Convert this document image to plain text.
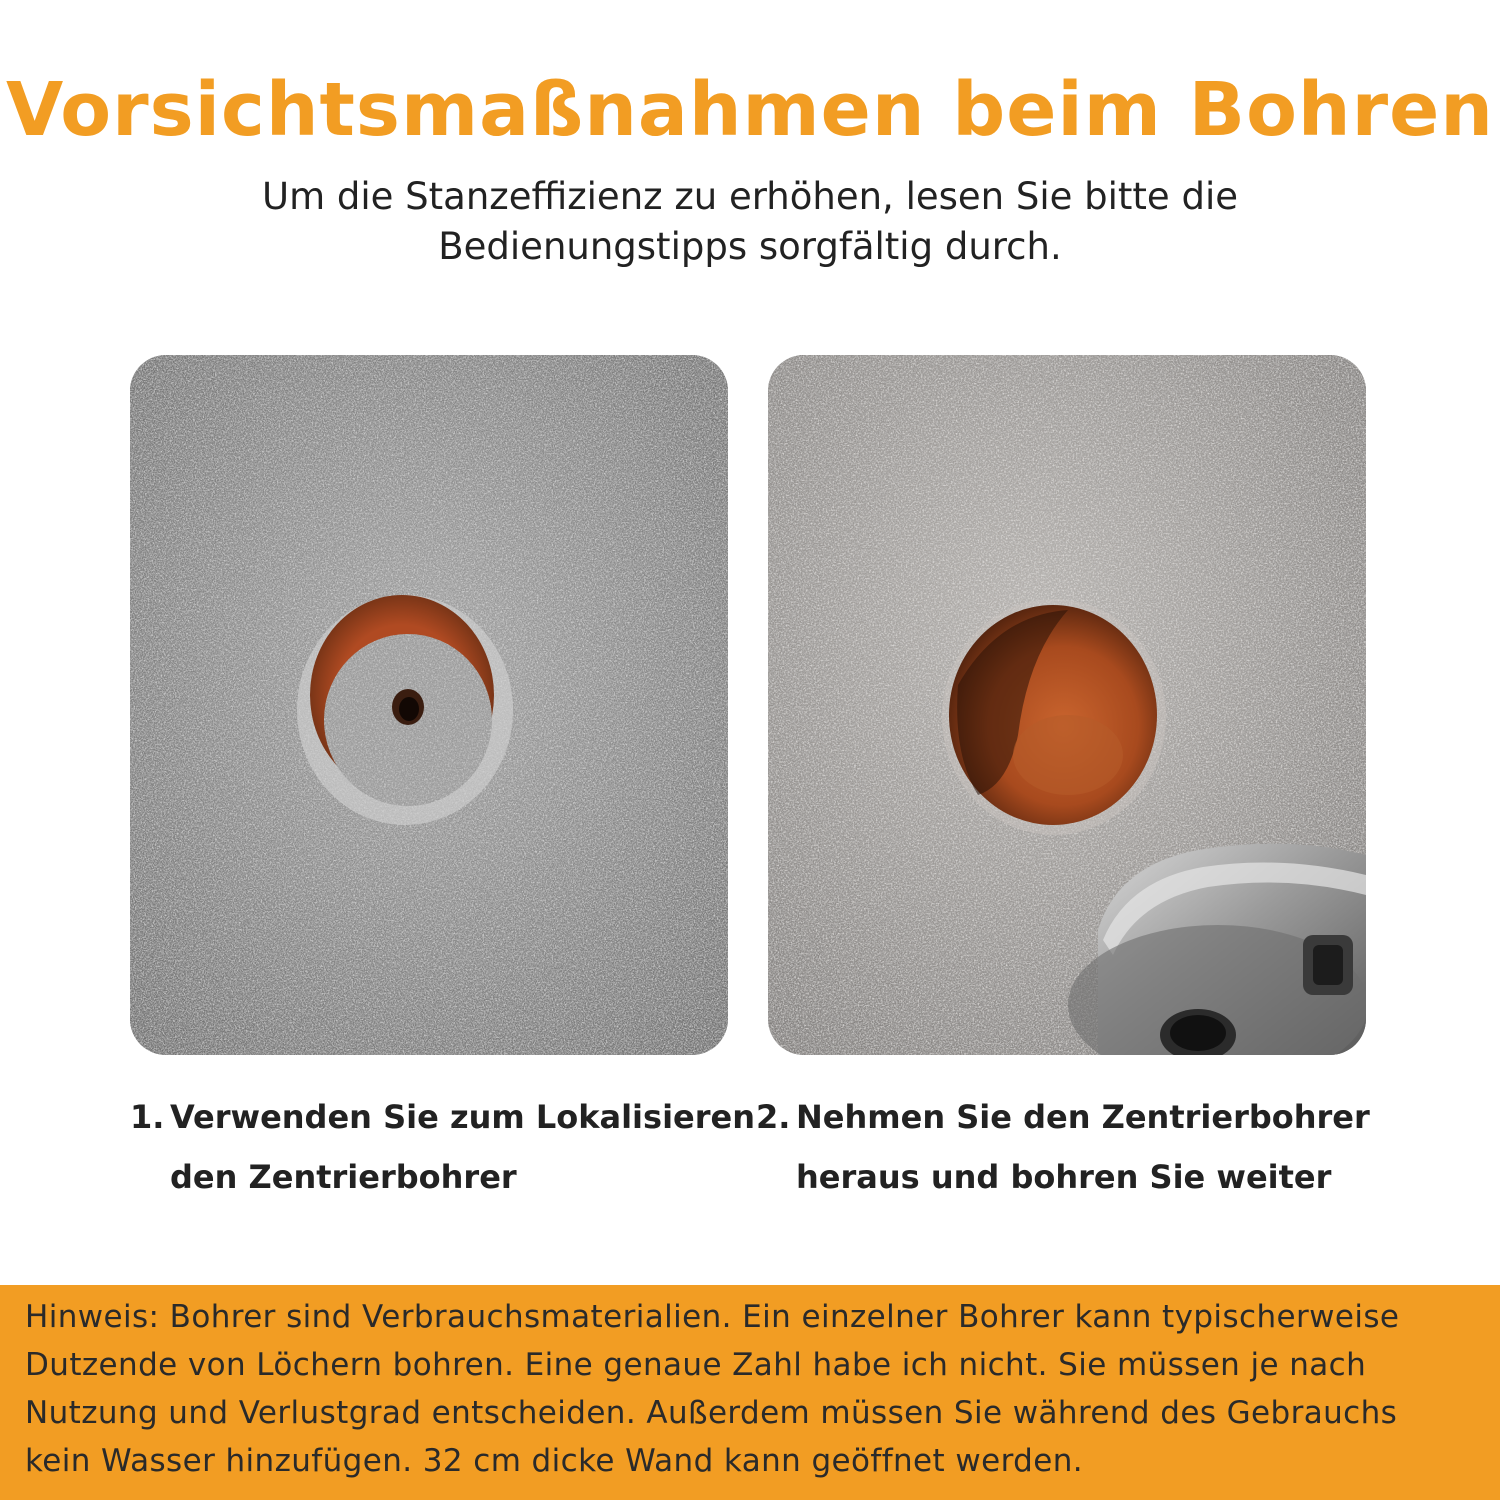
Vorsichtsmaßnahmen beim Bohren
Um die Stanzeffizienz zu erhöhen, lesen Sie bitte die
Bedienungstipps sorgfältig durch.
1. Verwenden Sie zum Lokalisieren
den Zentrierbohrer
2. Nehmen Sie den Zentrierbohrer
heraus und bohren Sie weiter
Hinweis: Bohrer sind Verbrauchsmaterialien. Ein einzelner Bohrer kann typischerweise
Dutzende von Löchern bohren. Eine genaue Zahl habe ich nicht. Sie müssen je nach
Nutzung und Verlustgrad entscheiden. Außerdem müssen Sie während des Gebrauchs
kein Wasser hinzufügen. 32 cm dicke Wand kann geöffnet werden.
